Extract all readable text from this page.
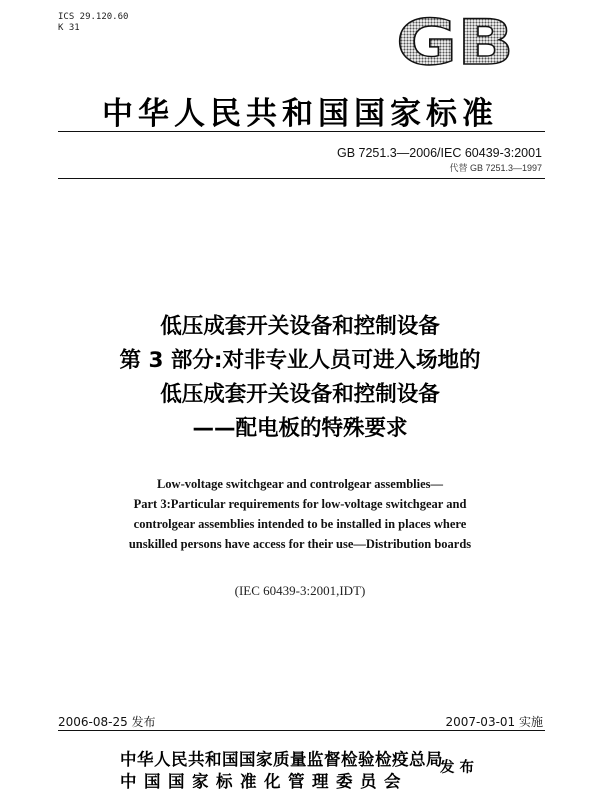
ICS 29.120.60
K 31	GB
中华人民共和国国家标准
GB 7251.3—2006/IEC 60439-3:2001
代替 GB 7251.3—1997
低压成套开关设备和控制设备
第 3 部分:对非专业人员可进入场地的
低压成套开关设备和控制设备
——配电板的特殊要求
Low-voltage switchgear and controlgear assemblies—
Part 3:Particular requirements for low-voltage switchgear and
controlgear assemblies intended to be installed in places where
unskilled persons have access for their use—Distribution boards
(IEC 60439-3:2001,IDT)
2006-08-25 发布	2007-03-01 实施
中华人民共和国国家质量监督检验检疫总局
中国国家标准化管理委员会
发布
